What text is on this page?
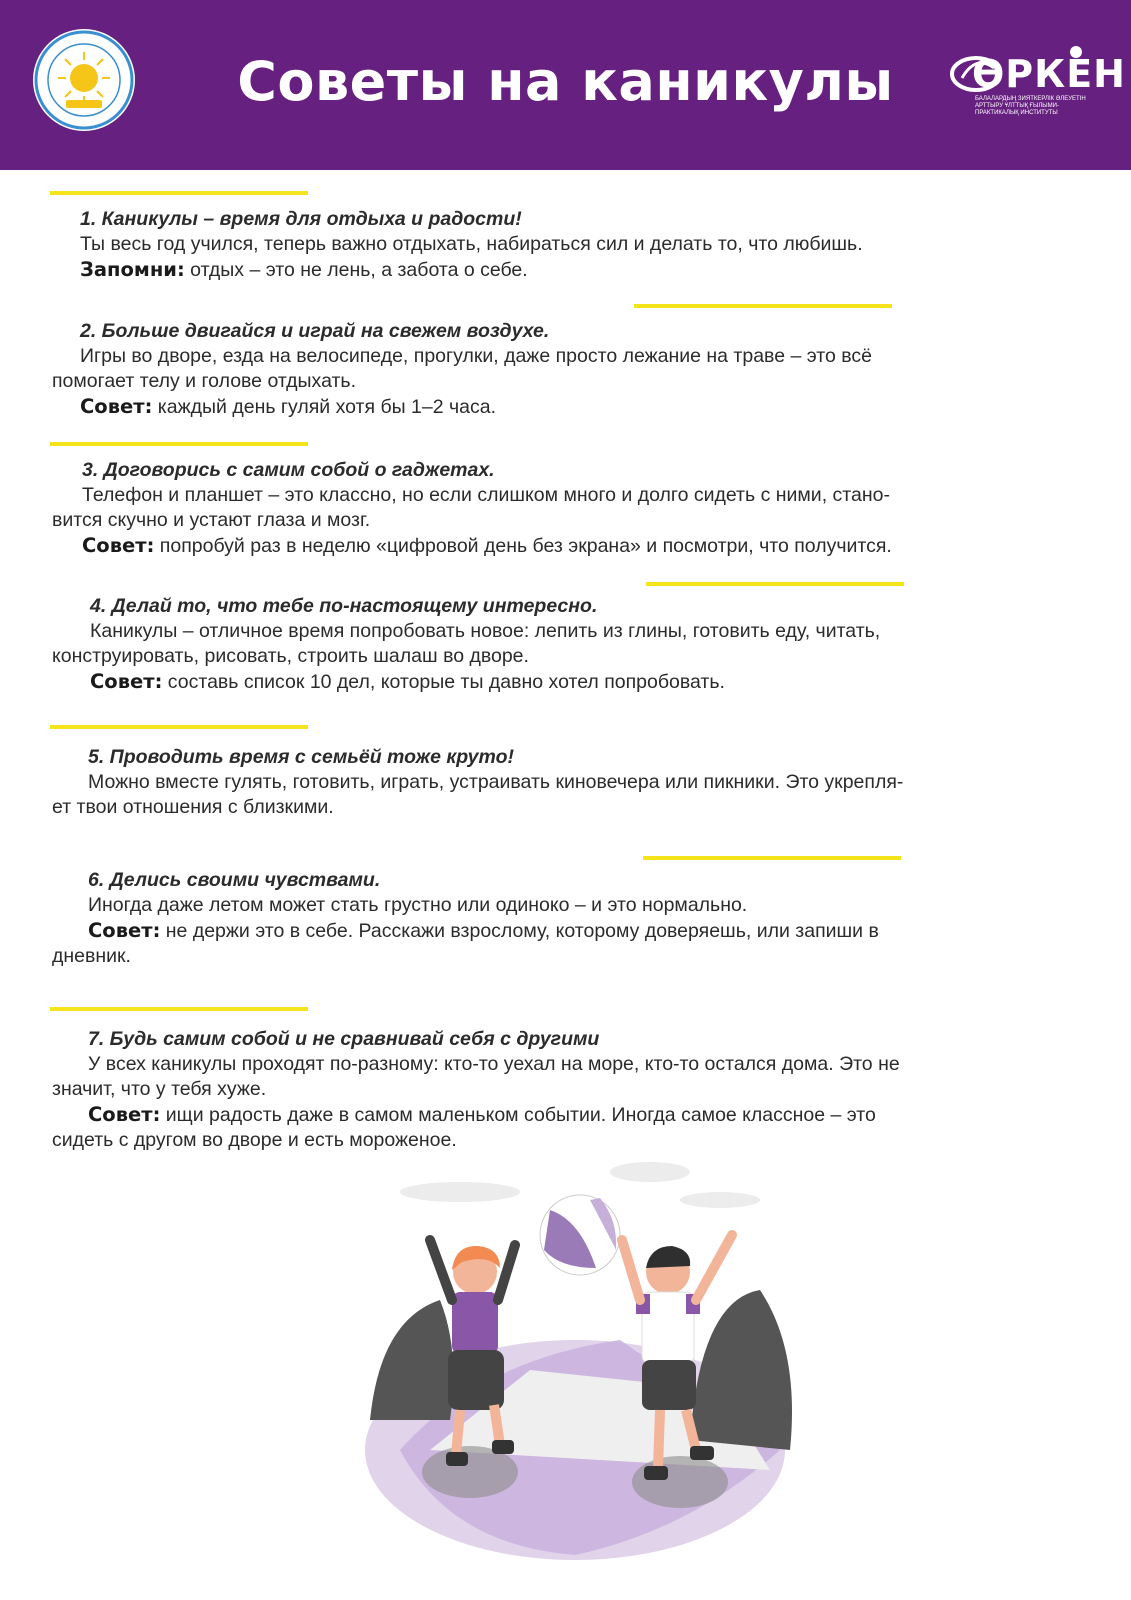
Советы на каникулы	ӨРКЕН
БАЛАЛАРДЫҢ ЗИЯТКЕРЛІК ӘЛЕУЕТІН АРТТЫРУ ҰЛТТЫҚ ҒЫЛЫМИ-ПРАКТИКАЛЫҚ ИНСТИТУТЫ

1. Каникулы – время для отдыха и радости!

Ты весь год учился, теперь важно отдыхать, набираться сил и делать то, что любишь.

Запомни: отдых – это не лень, а забота о себе.

2. Больше двигайся и играй на свежем воздухе.

Игры во дворе, езда на велосипеде, прогулки, даже просто лежание на траве – это всё

помогает телу и голове отдыхать.

Совет: каждый день гуляй хотя бы 1–2 часа.

3. Договорись с самим собой о гаджетах.

Телефон и планшет – это классно, но если слишком много и долго сидеть с ними, стано-

вится скучно и устают глаза и мозг.

Совет: попробуй раз в неделю «цифровой день без экрана» и посмотри, что получится.

4. Делай то, что тебе по-настоящему интересно.

Каникулы – отличное время попробовать новое: лепить из глины, готовить еду, читать,

конструировать, рисовать, строить шалаш во дворе.

Совет: составь список 10 дел, которые ты давно хотел попробовать.

5. Проводить время с семьёй тоже круто!

Можно вместе гулять, готовить, играть, устраивать киновечера или пикники. Это укрепля-

ет твои отношения с близкими.

6. Делись своими чувствами.

Иногда даже летом может стать грустно или одиноко – и это нормально.

Совет: не держи это в себе. Расскажи взрослому, которому доверяешь, или запиши в

дневник.

7. Будь самим собой и не сравнивай себя с другими

У всех каникулы проходят по-разному: кто-то уехал на море, кто-то остался дома. Это не

значит, что у тебя хуже.

Совет: ищи радость даже в самом маленьком событии. Иногда самое классное – это

сидеть с другом во дворе и есть мороженое.
